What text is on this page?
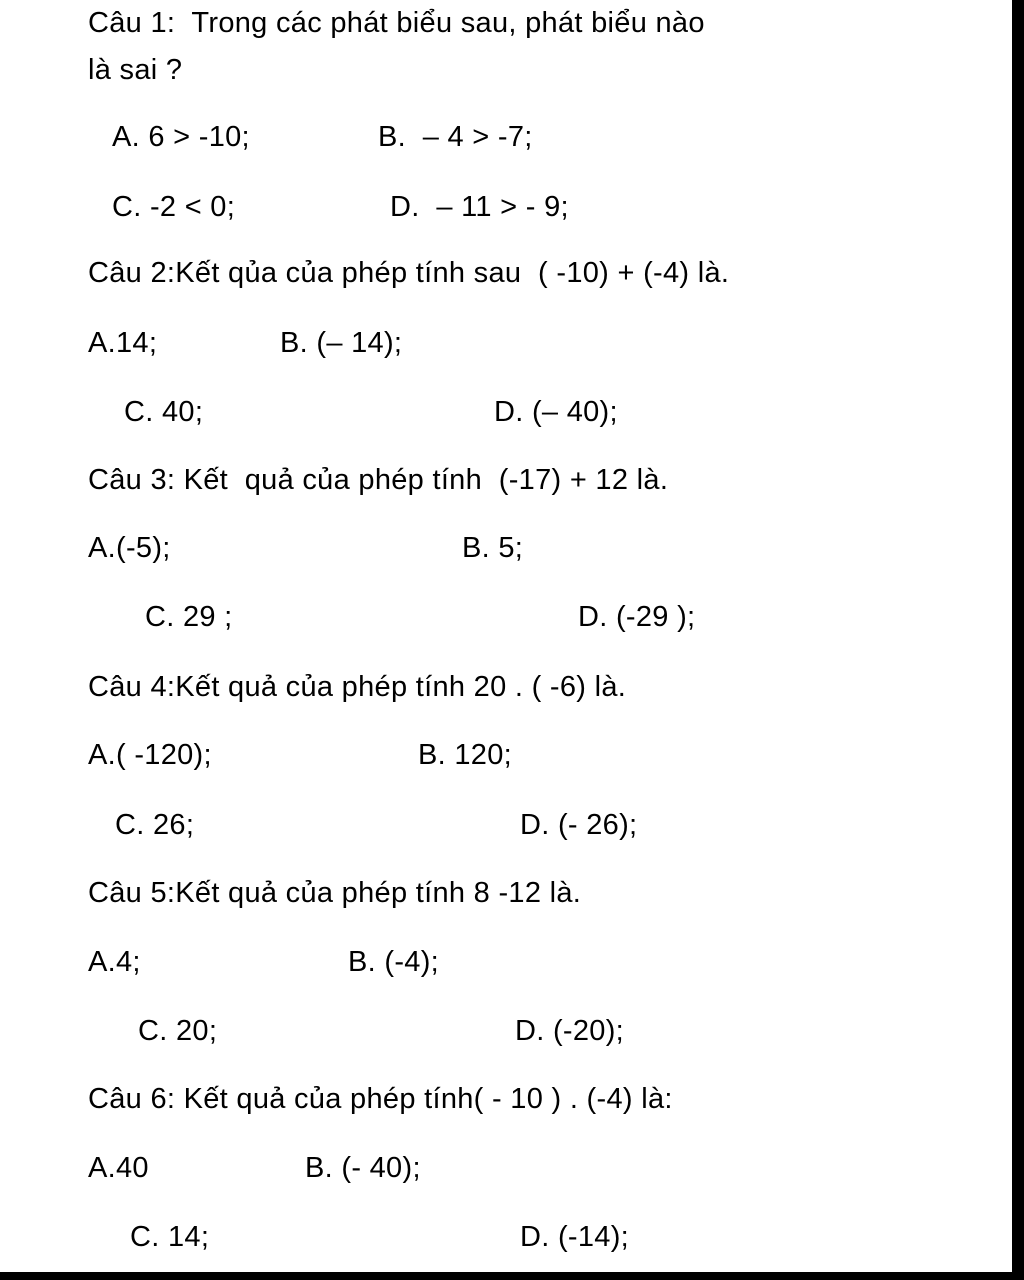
Câu 1:  Trong các phát biểu sau, phát biểu nào
là sai ?
A. 6 > -10;	B.  – 4 > -7;
C. -2 < 0;	D.  – 11 > - 9;
Câu 2:Kết qủa của phép tính sau  ( -10) + (-4) là.
A.14;	B. (– 14);
C. 40;	D. (– 40);
Câu 3: Kết  quả của phép tính  (-17) + 12 là.
A.(-5);	B. 5;
C. 29 ;	D. (-29 );
Câu 4:Kết quả của phép tính 20 . ( -6) là.
A.( -120);	B. 120;
C. 26;	D. (- 26);
Câu 5:Kết quả của phép tính 8 -12 là.
A.4;	B. (-4);
C. 20;	D. (-20);
Câu 6: Kết quả của phép tính( - 10 ) . (-4) là:
A.40	B. (- 40);
C. 14;	D. (-14);
